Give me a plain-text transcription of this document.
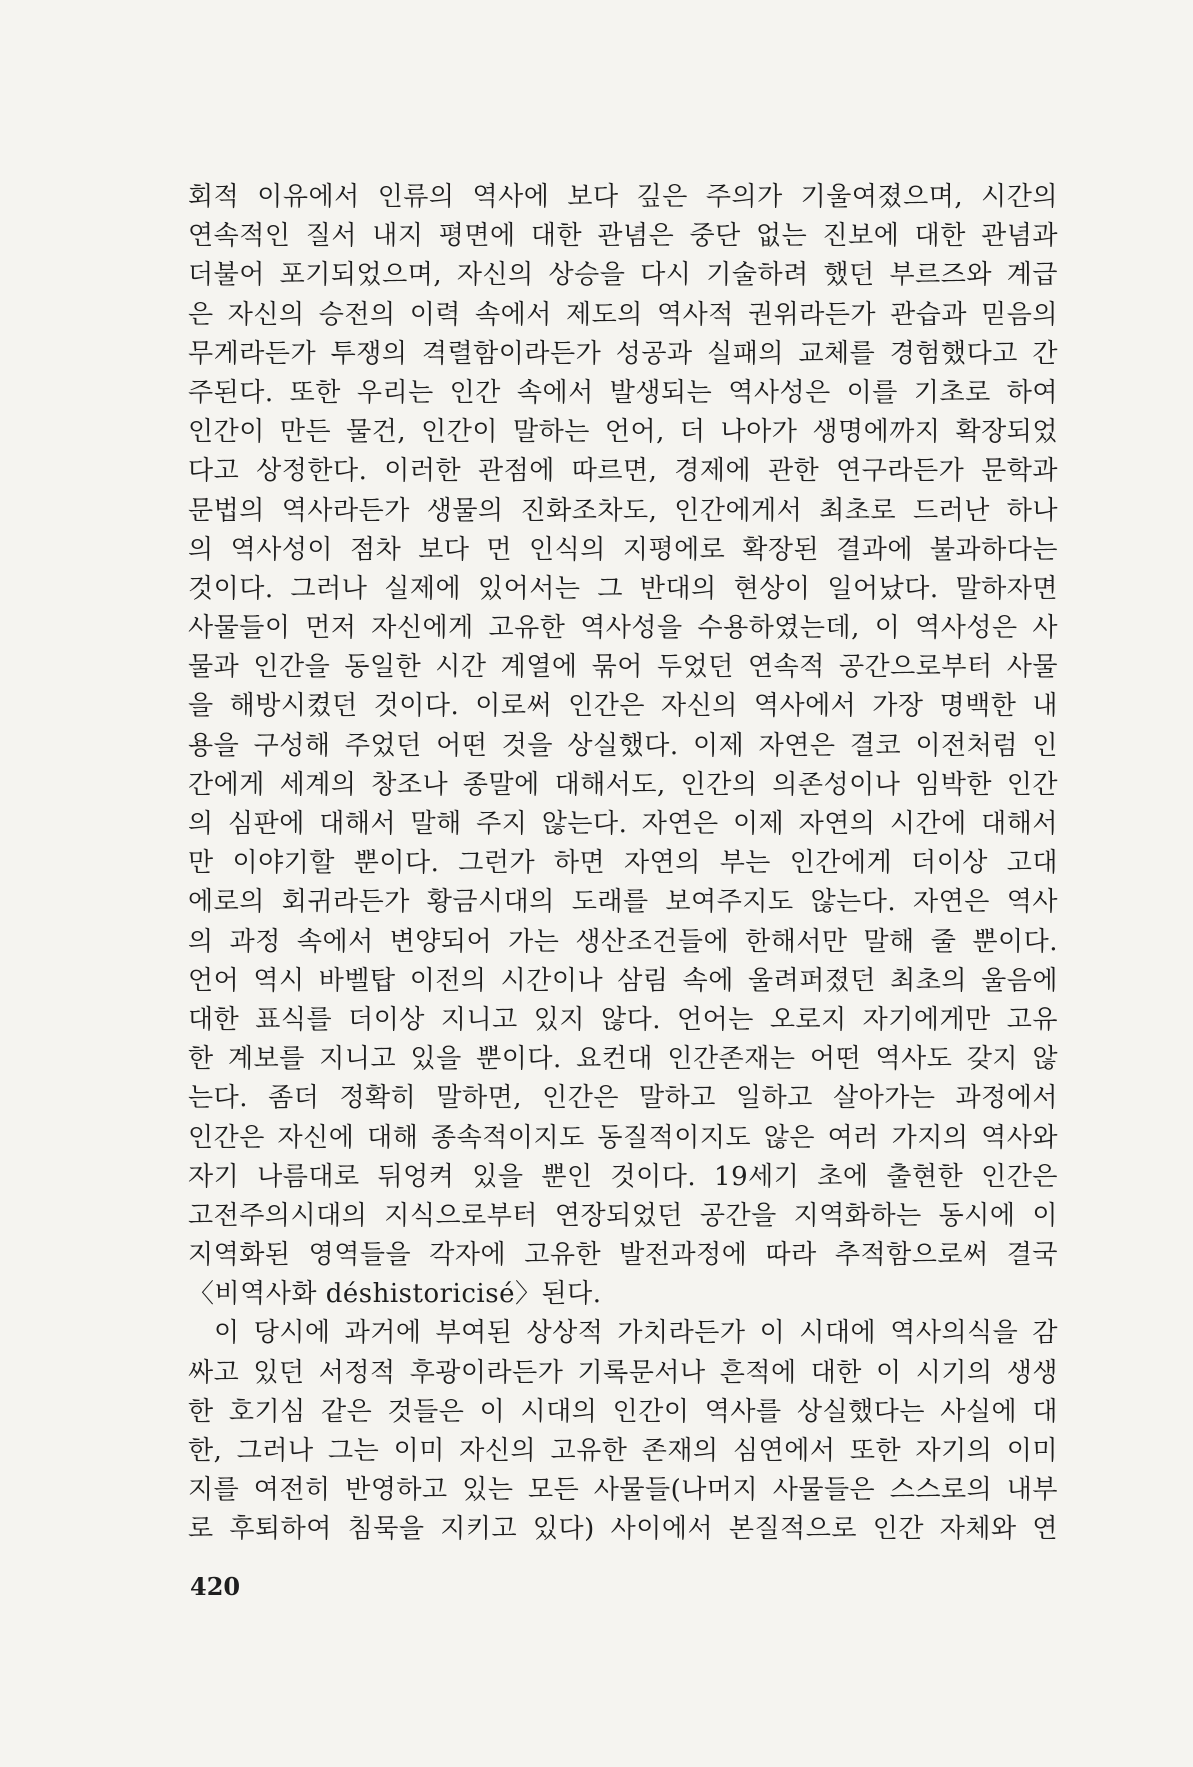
회적 이유에서 인류의 역사에 보다 깊은 주의가 기울여졌으며, 시간의
연속적인 질서 내지 평면에 대한 관념은 중단 없는 진보에 대한 관념과
더불어 포기되었으며, 자신의 상승을 다시 기술하려 했던 부르즈와 계급
은 자신의 승전의 이력 속에서 제도의 역사적 권위라든가 관습과 믿음의
무게라든가 투쟁의 격렬함이라든가 성공과 실패의 교체를 경험했다고 간
주된다. 또한 우리는 인간 속에서 발생되는 역사성은 이를 기초로 하여
인간이 만든 물건, 인간이 말하는 언어, 더 나아가 생명에까지 확장되었
다고 상정한다. 이러한 관점에 따르면, 경제에 관한 연구라든가 문학과
문법의 역사라든가 생물의 진화조차도, 인간에게서 최초로 드러난 하나
의 역사성이 점차 보다 먼 인식의 지평에로 확장된 결과에 불과하다는
것이다. 그러나 실제에 있어서는 그 반대의 현상이 일어났다. 말하자면
사물들이 먼저 자신에게 고유한 역사성을 수용하였는데, 이 역사성은 사
물과 인간을 동일한 시간 계열에 묶어 두었던 연속적 공간으로부터 사물
을 해방시켰던 것이다. 이로써 인간은 자신의 역사에서 가장 명백한 내
용을 구성해 주었던 어떤 것을 상실했다. 이제 자연은 결코 이전처럼 인
간에게 세계의 창조나 종말에 대해서도, 인간의 의존성이나 임박한 인간
의 심판에 대해서 말해 주지 않는다. 자연은 이제 자연의 시간에 대해서
만 이야기할 뿐이다. 그런가 하면 자연의 부는 인간에게 더이상 고대
에로의 회귀라든가 황금시대의 도래를 보여주지도 않는다. 자연은 역사
의 과정 속에서 변양되어 가는 생산조건들에 한해서만 말해 줄 뿐이다.
언어 역시 바벨탑 이전의 시간이나 삼림 속에 울려퍼졌던 최초의 울음에
대한 표식를 더이상 지니고 있지 않다. 언어는 오로지 자기에게만 고유
한 계보를 지니고 있을 뿐이다. 요컨대 인간존재는 어떤 역사도 갖지 않
는다. 좀더 정확히 말하면, 인간은 말하고 일하고 살아가는 과정에서
인간은 자신에 대해 종속적이지도 동질적이지도 않은 여러 가지의 역사와
자기 나름대로 뒤엉켜 있을 뿐인 것이다. 19세기 초에 출현한 인간은
고전주의시대의 지식으로부터 연장되었던 공간을 지역화하는 동시에 이
지역화된 영역들을 각자에 고유한 발전과정에 따라 추적함으로써 결국
〈비역사화 déshistoricisé〉된다.
이 당시에 과거에 부여된 상상적 가치라든가 이 시대에 역사의식을 감
싸고 있던 서정적 후광이라든가 기록문서나 흔적에 대한 이 시기의 생생
한 호기심 같은 것들은 이 시대의 인간이 역사를 상실했다는 사실에 대
한, 그러나 그는 이미 자신의 고유한 존재의 심연에서 또한 자기의 이미
지를 여전히 반영하고 있는 모든 사물들(나머지 사물들은 스스로의 내부
로 후퇴하여 침묵을 지키고 있다) 사이에서 본질적으로 인간 자체와 연
420
